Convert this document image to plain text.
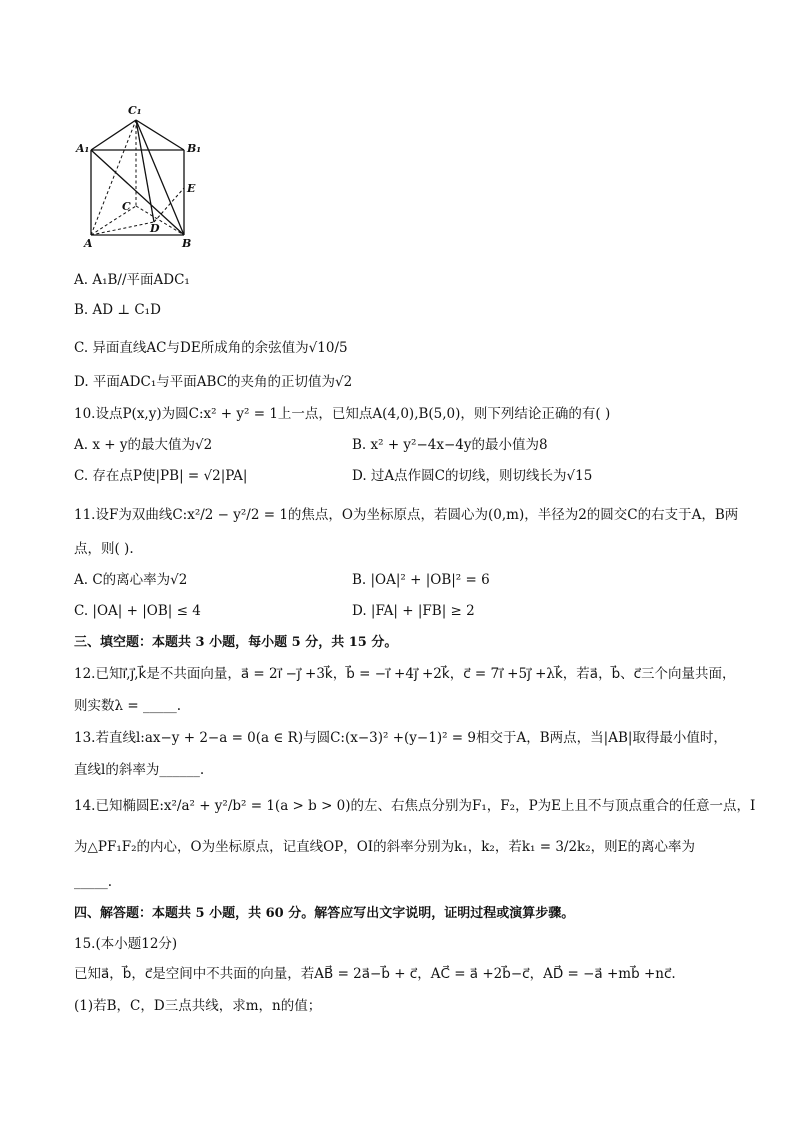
C₁
A₁	B₁
E
C
D
A	B
A. A₁B//平面ADC₁
B. AD ⊥ C₁D
C. 异面直线AC与DE所成角的余弦值为√10/5
D. 平面ADC₁与平面ABC的夹角的正切值为√2
10.设点P(x,y)为圆C:x² + y² = 1上一点，已知点A(4,0),B(5,0)，则下列结论正确的有( )
A. x + y的最大值为√2	B. x² + y²−4x−4y的最小值为8
C. 存在点P使|PB| = √2|PA|	D. 过A点作圆C的切线，则切线长为√15
11.设F为双曲线C:x²/2 − y²/2 = 1的焦点，O为坐标原点，若圆心为(0,m)，半径为2的圆交C的右支于A，B两
点，则( ).
A. C的离心率为√2	B. |OA|² + |OB|² = 6
C. |OA| + |OB| ≤ 4	D. |FA| + |FB| ≥ 2
三、填空题：本题共 3 小题，每小题 5 分，共 15 分。
12.已知i⃗,j⃗,k⃗是不共面向量，a⃗ = 2i⃗ −j⃗ +3k⃗，b⃗ = −i⃗ +4j⃗ +2k⃗，c⃗ = 7i⃗ +5j⃗ +λk⃗，若a⃗，b⃗、c⃗三个向量共面，
则实数λ = _____.
13.若直线l:ax−y + 2−a = 0(a ∈ R)与圆C:(x−3)² +(y−1)² = 9相交于A，B两点，当|AB|取得最小值时，
直线l的斜率为______.
14.已知椭圆E:x²/a² + y²/b² = 1(a > b > 0)的左、右焦点分别为F₁，F₂，P为E上且不与顶点重合的任意一点，I
为△PF₁F₂的内心，O为坐标原点，记直线OP，OI的斜率分别为k₁，k₂，若k₁ = 3/2k₂，则E的离心率为
_____.
四、解答题：本题共 5 小题，共 60 分。解答应写出文字说明，证明过程或演算步骤。
15.(本小题12分)
已知a⃗，b⃗，c⃗是空间中不共面的向量，若AB⃗ = 2a⃗−b⃗ + c⃗，AC⃗ = a⃗ +2b⃗−c⃗，AD⃗ = −a⃗ +mb⃗ +nc⃗.
(1)若B，C，D三点共线，求m，n的值；
